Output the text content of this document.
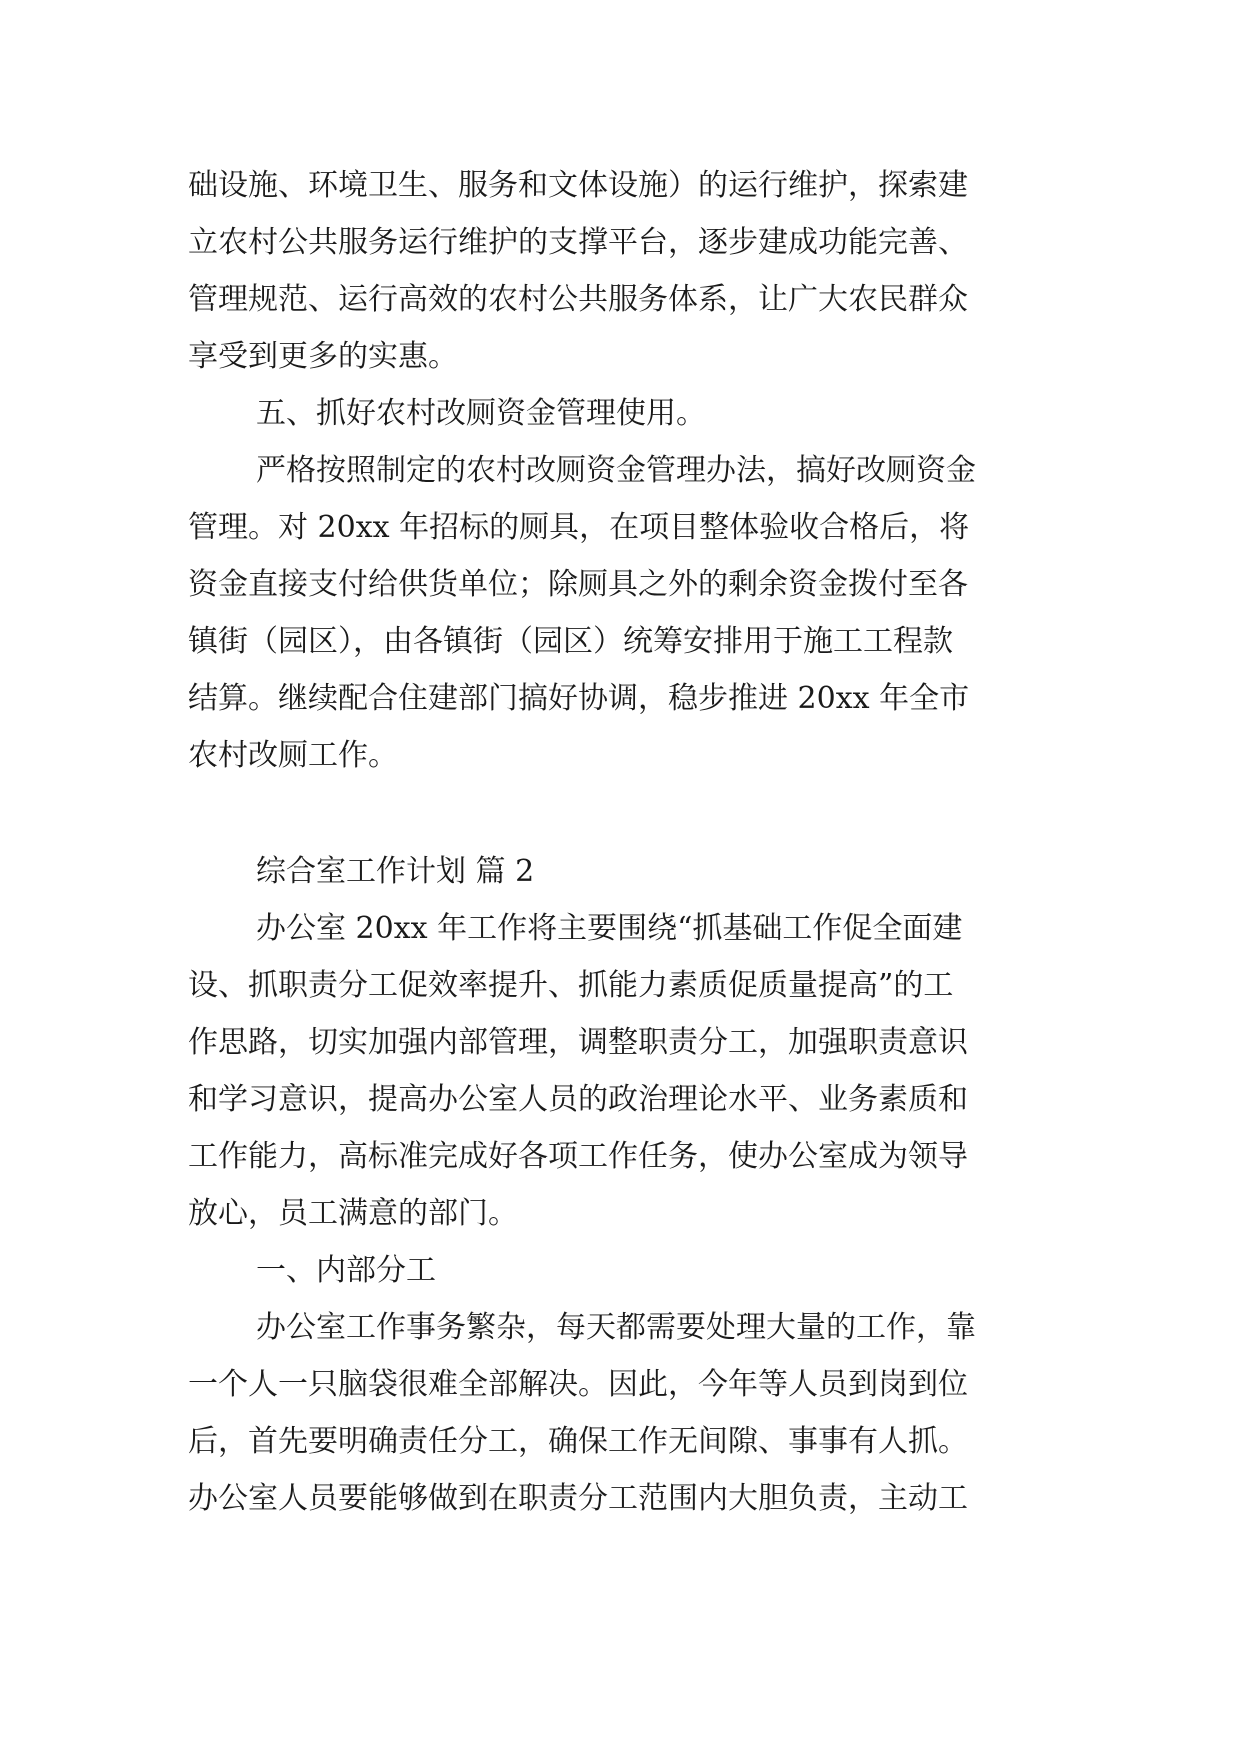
础设施、环境卫生、服务和文体设施）的运行维护，探索建
立农村公共服务运行维护的支撑平台，逐步建成功能完善、
管理规范、运行高效的农村公共服务体系，让广大农民群众
享受到更多的实惠。
五、抓好农村改厕资金管理使用。
严格按照制定的农村改厕资金管理办法，搞好改厕资金
管理。对 20xx 年招标的厕具，在项目整体验收合格后，将
资金直接支付给供货单位；除厕具之外的剩余资金拨付至各
镇街（园区），由各镇街（园区）统筹安排用于施工工程款
结算。继续配合住建部门搞好协调，稳步推进 20xx 年全市
农村改厕工作。
综合室工作计划 篇 2
办公室 20xx 年工作将主要围绕“抓基础工作促全面建
设、抓职责分工促效率提升、抓能力素质促质量提高”的工
作思路，切实加强内部管理，调整职责分工，加强职责意识
和学习意识，提高办公室人员的政治理论水平、业务素质和
工作能力，高标准完成好各项工作任务，使办公室成为领导
放心，员工满意的部门。
一、内部分工
办公室工作事务繁杂，每天都需要处理大量的工作，靠
一个人一只脑袋很难全部解决。因此，今年等人员到岗到位
后，首先要明确责任分工，确保工作无间隙、事事有人抓。
办公室人员要能够做到在职责分工范围内大胆负责，主动工
